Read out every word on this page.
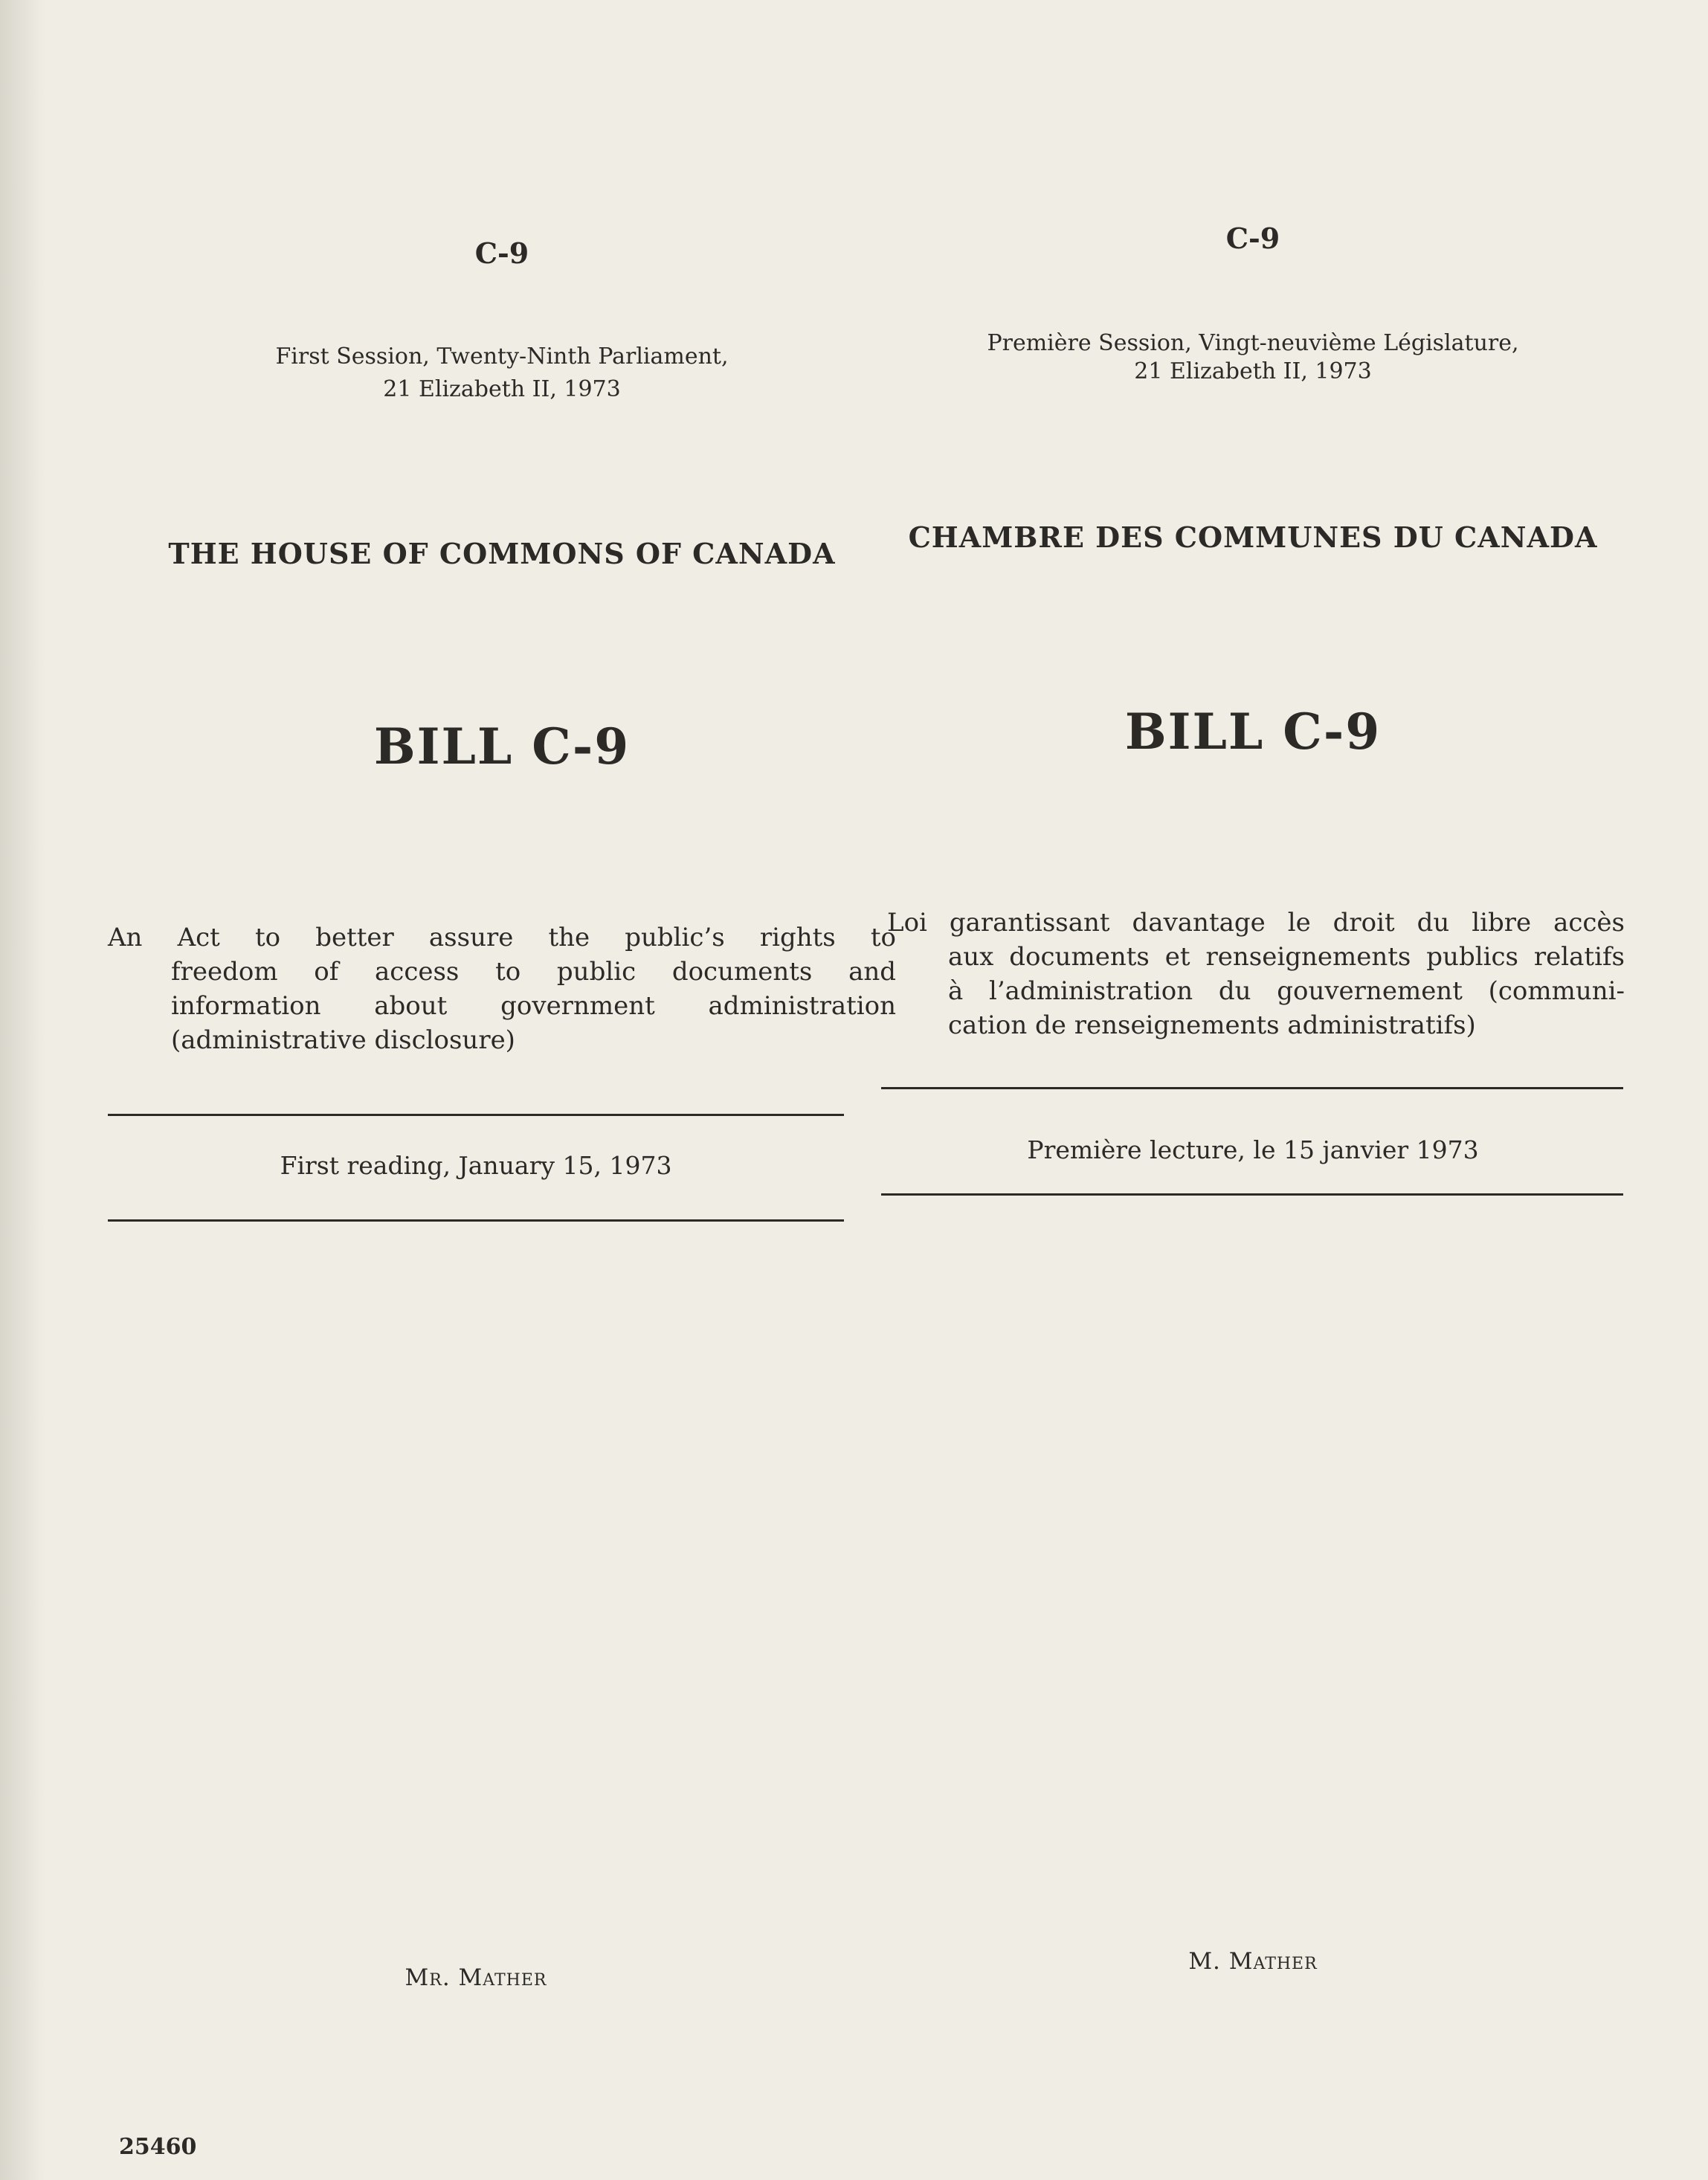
C-9
First Session, Twenty-Ninth Parliament,
21 Elizabeth II, 1973
THE HOUSE OF COMMONS OF CANADA
BILL C-9
An Act to better assure the public’s rights to
freedom of access to public documents and
information about government administration
(administrative disclosure)
First reading, January 15, 1973
Mr. Mather
C-9
Première Session, Vingt-neuvième Législature,
21 Elizabeth II, 1973
CHAMBRE DES COMMUNES DU CANADA
BILL C-9
Loi garantissant davantage le droit du libre accès
aux documents et renseignements publics relatifs
à l’administration du gouvernement (communi-
cation de renseignements administratifs)
Première lecture, le 15 janvier 1973
M. Mather
25460
